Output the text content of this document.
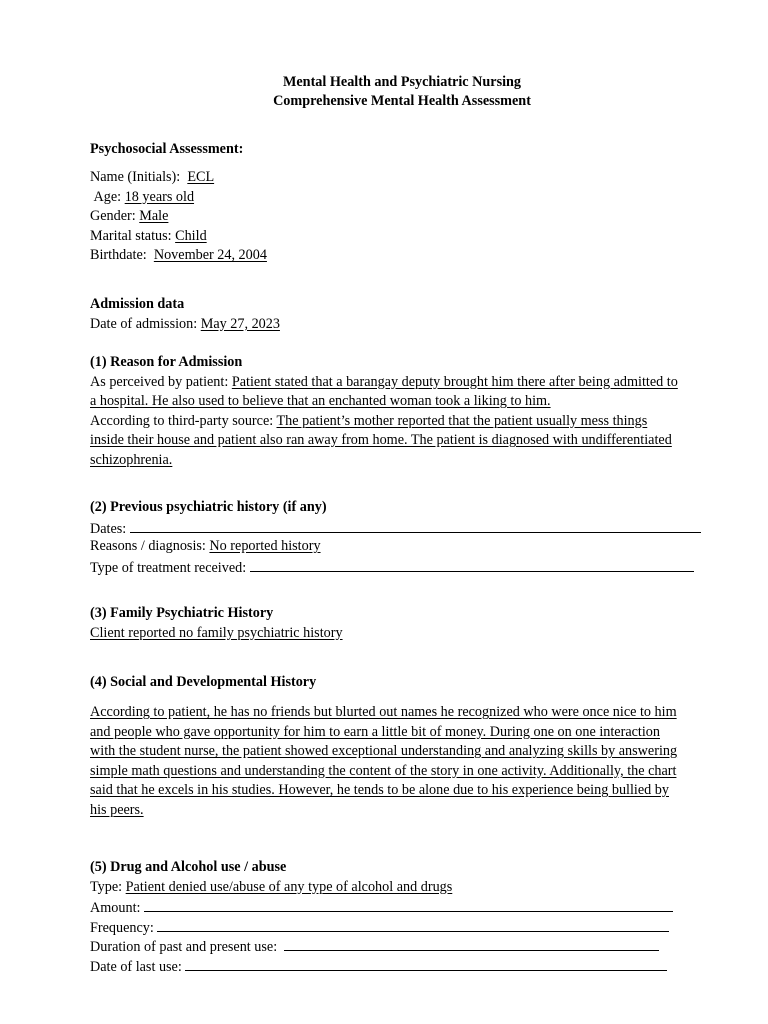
Mental Health and Psychiatric Nursing
Comprehensive Mental Health Assessment
Psychosocial Assessment:
Name (Initials): ECL
Age: 18 years old
Gender: Male
Marital status: Child
Birthdate: November 24, 2004
Admission data
Date of admission: May 27, 2023
(1) Reason for Admission
As perceived by patient: Patient stated that a barangay deputy brought him there after being admitted to
a hospital. He also used to believe that an enchanted woman took a liking to him.
According to third-party source: The patient’s mother reported that the patient usually mess things
inside their house and patient also ran away from home. The patient is diagnosed with undifferentiated
schizophrenia.
(2) Previous psychiatric history (if any)
Dates:
Reasons / diagnosis: No reported history
Type of treatment received:
(3) Family Psychiatric History
Client reported no family psychiatric history
(4) Social and Developmental History
According to patient, he has no friends but blurted out names he recognized who were once nice to him
and people who gave opportunity for him to earn a little bit of money. During one on one interaction
with the student nurse, the patient showed exceptional understanding and analyzing skills by answering
simple math questions and understanding the content of the story in one activity. Additionally, the chart
said that he excels in his studies. However, he tends to be alone due to his experience being bullied by
his peers.
(5) Drug and Alcohol use / abuse
Type: Patient denied use/abuse of any type of alcohol and drugs
Amount:
Frequency:
Duration of past and present use:
Date of last use:
